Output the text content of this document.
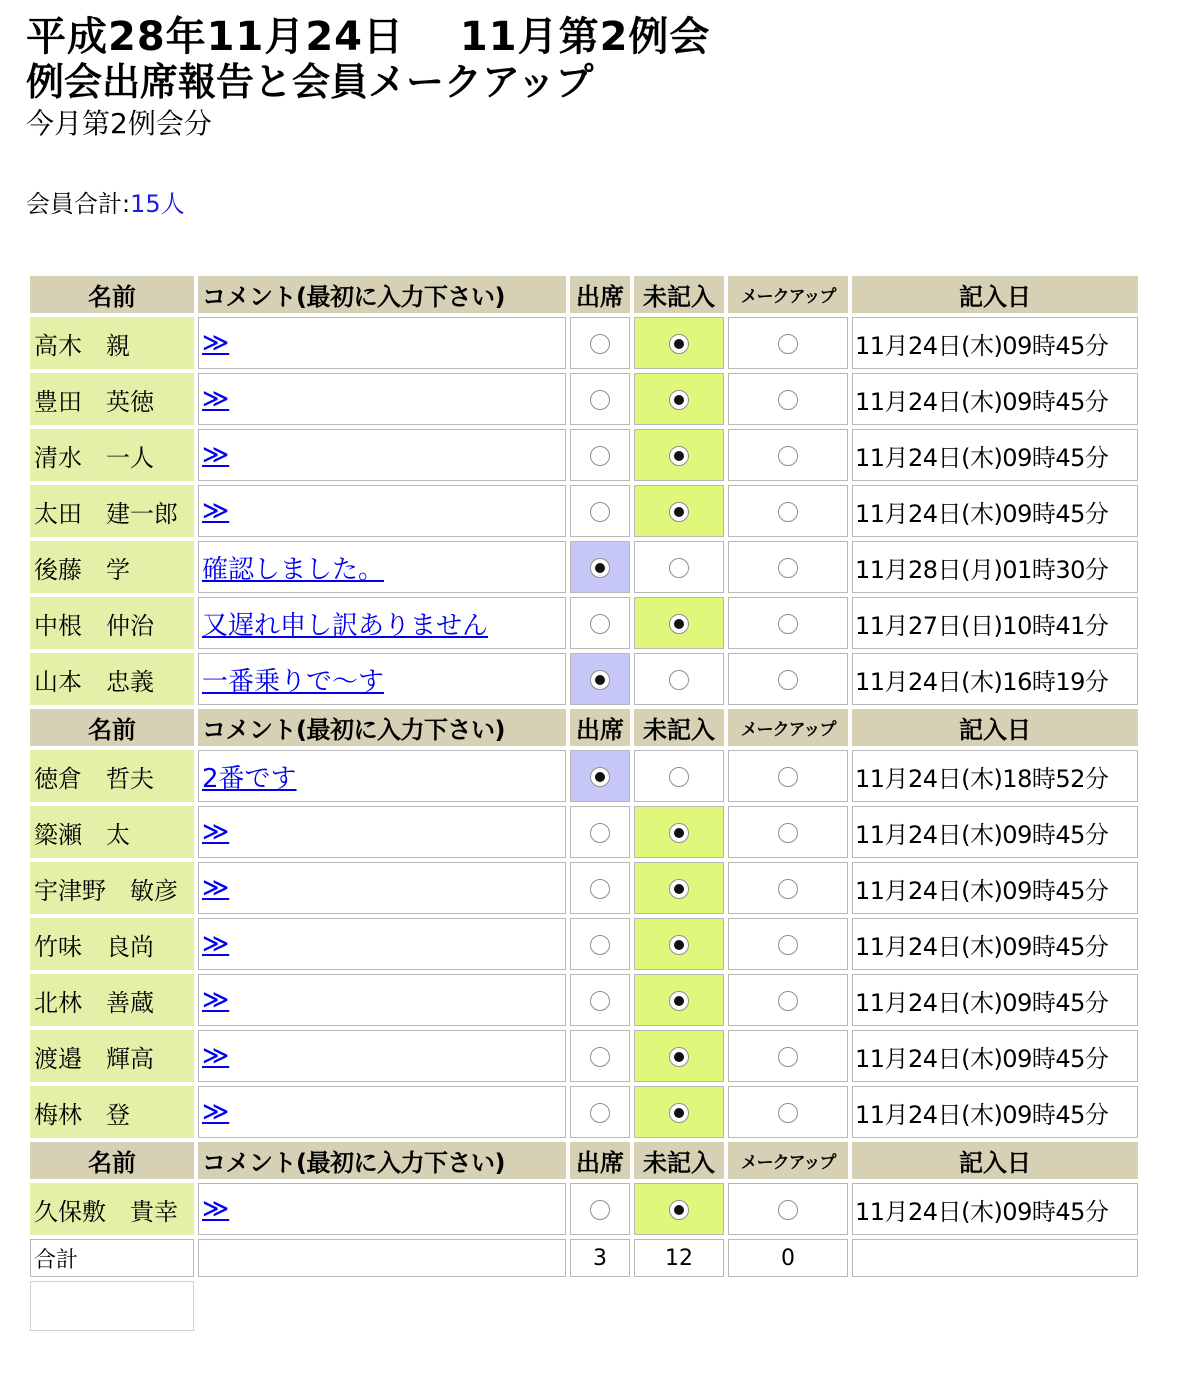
平成28年11月24日　 11月第2例会
例会出席報告と会員メークアップ
今月第2例会分
会員合計:15人
名前	コメント(最初に入力下さい)	出席	未記入	メークアップ	記入日
高木　親	≫				11月24日(木)09時45分
豊田　英徳	≫				11月24日(木)09時45分
清水　一人	≫				11月24日(木)09時45分
太田　建一郎	≫				11月24日(木)09時45分
後藤　学	確認しました。				11月28日(月)01時30分
中根　仲治	又遅れ申し訳ありません				11月27日(日)10時41分
山本　忠義	一番乗りで～す				11月24日(木)16時19分
名前	コメント(最初に入力下さい)	出席	未記入	メークアップ	記入日
徳倉　哲夫	2番です				11月24日(木)18時52分
簗瀬　太	≫				11月24日(木)09時45分
宇津野　敏彦	≫				11月24日(木)09時45分
竹味　良尚	≫				11月24日(木)09時45分
北林　善蔵	≫				11月24日(木)09時45分
渡邉　輝高	≫				11月24日(木)09時45分
梅林　登	≫				11月24日(木)09時45分
名前	コメント(最初に入力下さい)	出席	未記入	メークアップ	記入日
久保敷　貴幸	≫				11月24日(木)09時45分
合計		3	12	0	
